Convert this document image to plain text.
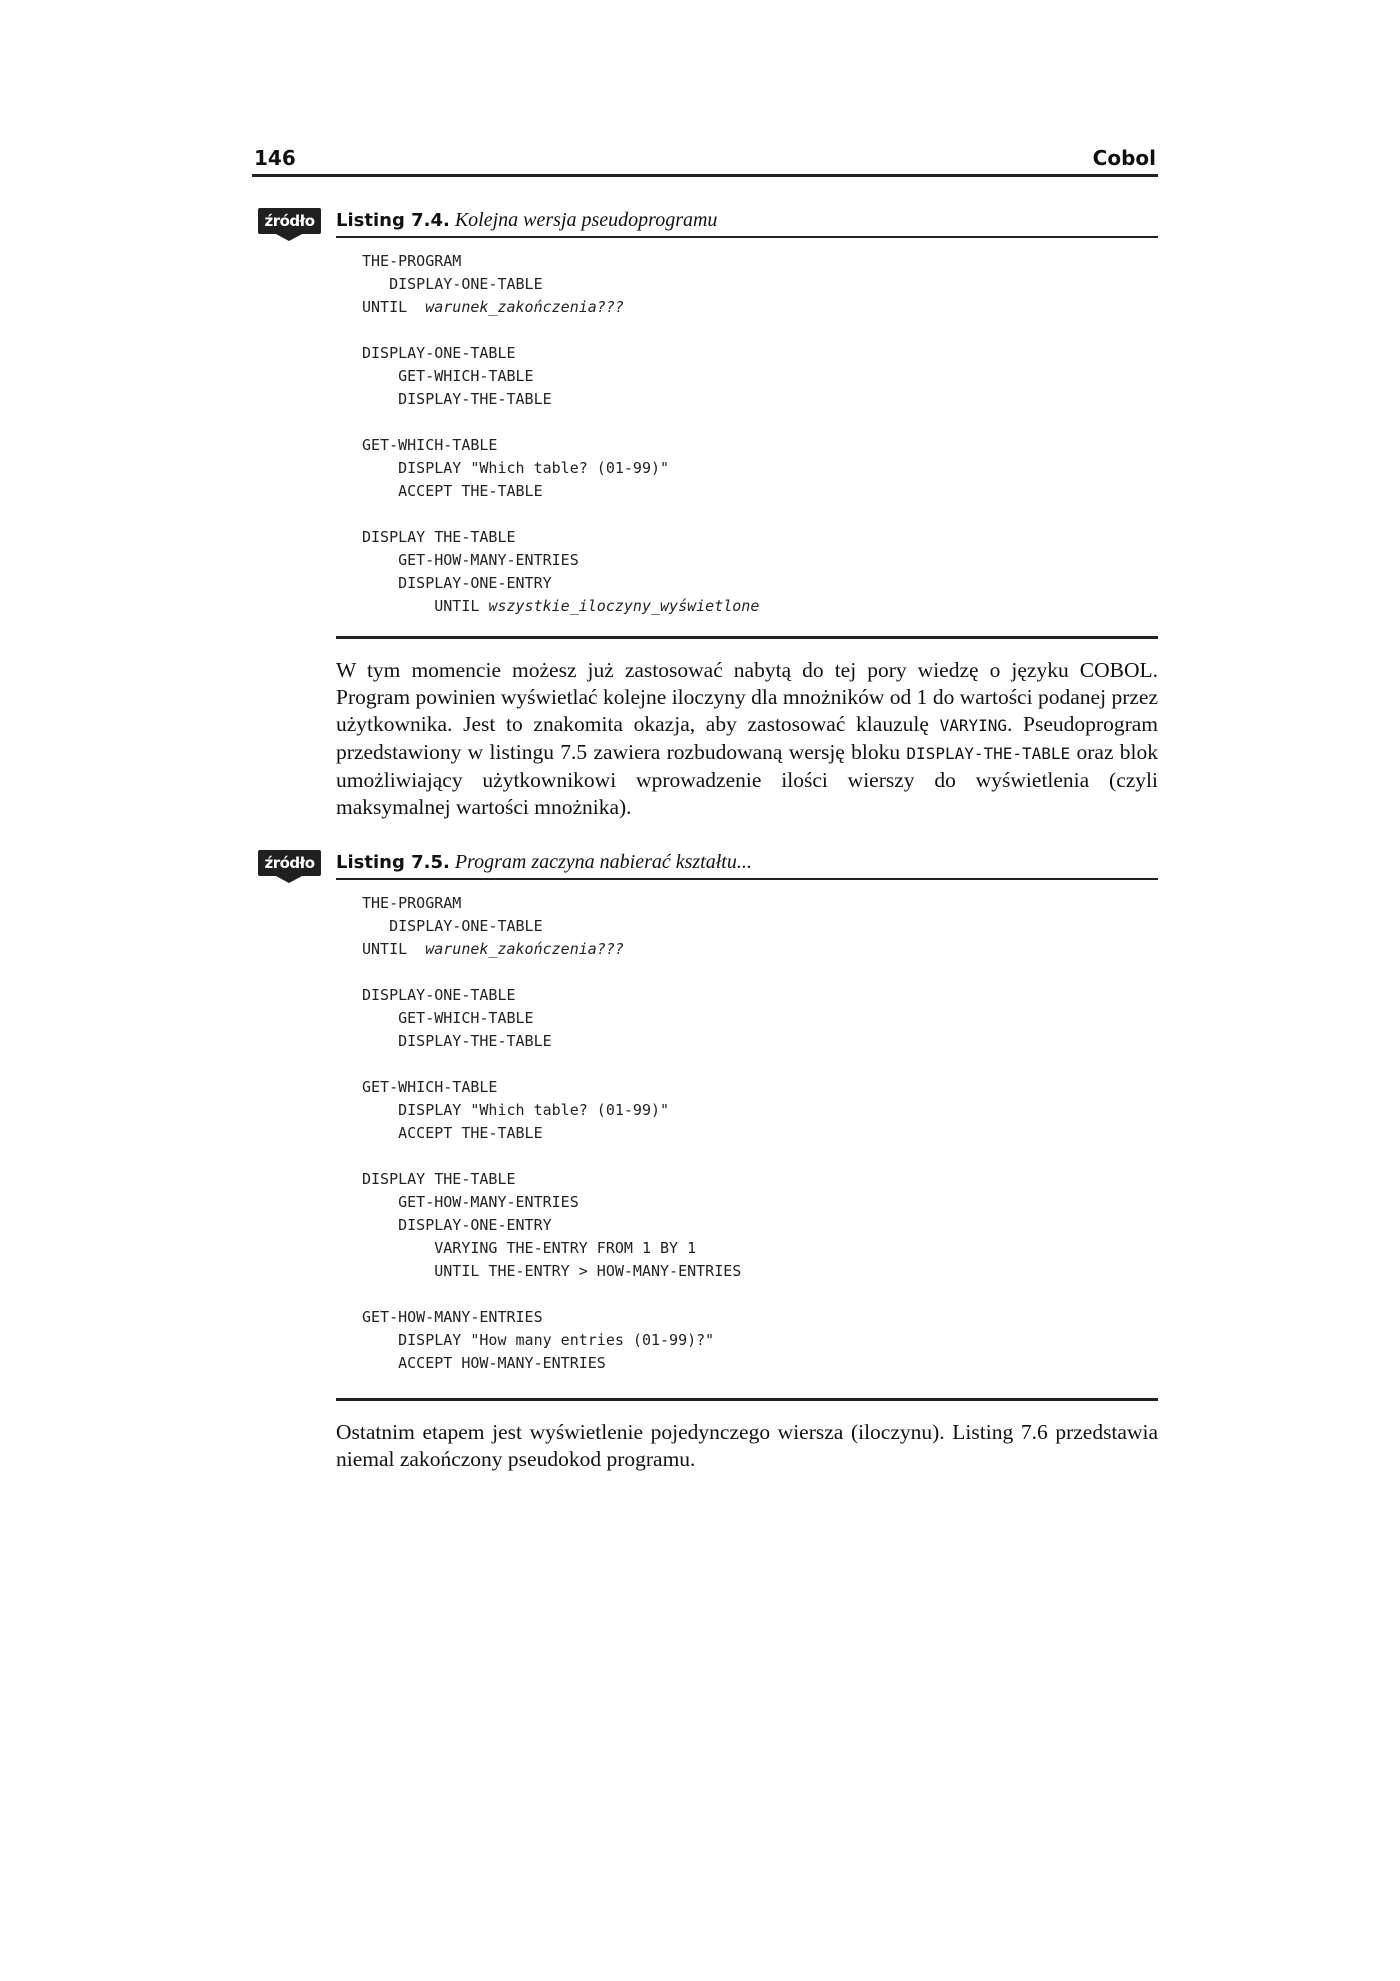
146	Cobol
źródło	Listing 7.4. Kolejna wersja pseudoprogramu
THE-PROGRAM
DISPLAY-ONE-TABLE
UNTIL  warunek_zakończenia???
DISPLAY-ONE-TABLE
GET-WHICH-TABLE
DISPLAY-THE-TABLE
GET-WHICH-TABLE
DISPLAY "Which table? (01-99)"
ACCEPT THE-TABLE
DISPLAY THE-TABLE
GET-HOW-MANY-ENTRIES
DISPLAY-ONE-ENTRY
UNTIL wszystkie_iloczyny_wyświetlone

W tym momencie możesz już zastosować nabytą do tej pory wiedzę o języku COBOL. Program powinien wyświetlać kolejne iloczyny dla mnożników od 1 do wartości podanej przez użytkownika. Jest to znakomita okazja, aby zastosować klauzulę VARYING. Pseudoprogram przedstawiony w listingu 7.5 zawiera rozbudowaną wersję bloku DISPLAY-THE-TABLE oraz blok umożliwiający użytkownikowi wprowadzenie ilości wierszy do wyświetlenia (czyli maksymalnej wartości mnożnika).

źródło	Listing 7.5. Program zaczyna nabierać kształtu...
THE-PROGRAM
DISPLAY-ONE-TABLE
UNTIL  warunek_zakończenia???
DISPLAY-ONE-TABLE
GET-WHICH-TABLE
DISPLAY-THE-TABLE
GET-WHICH-TABLE
DISPLAY "Which table? (01-99)"
ACCEPT THE-TABLE
DISPLAY THE-TABLE
GET-HOW-MANY-ENTRIES
DISPLAY-ONE-ENTRY
VARYING THE-ENTRY FROM 1 BY 1
UNTIL THE-ENTRY > HOW-MANY-ENTRIES
GET-HOW-MANY-ENTRIES
DISPLAY "How many entries (01-99)?"
ACCEPT HOW-MANY-ENTRIES

Ostatnim etapem jest wyświetlenie pojedynczego wiersza (iloczynu). Listing 7.6 przedstawia niemal zakończony pseudokod programu.
